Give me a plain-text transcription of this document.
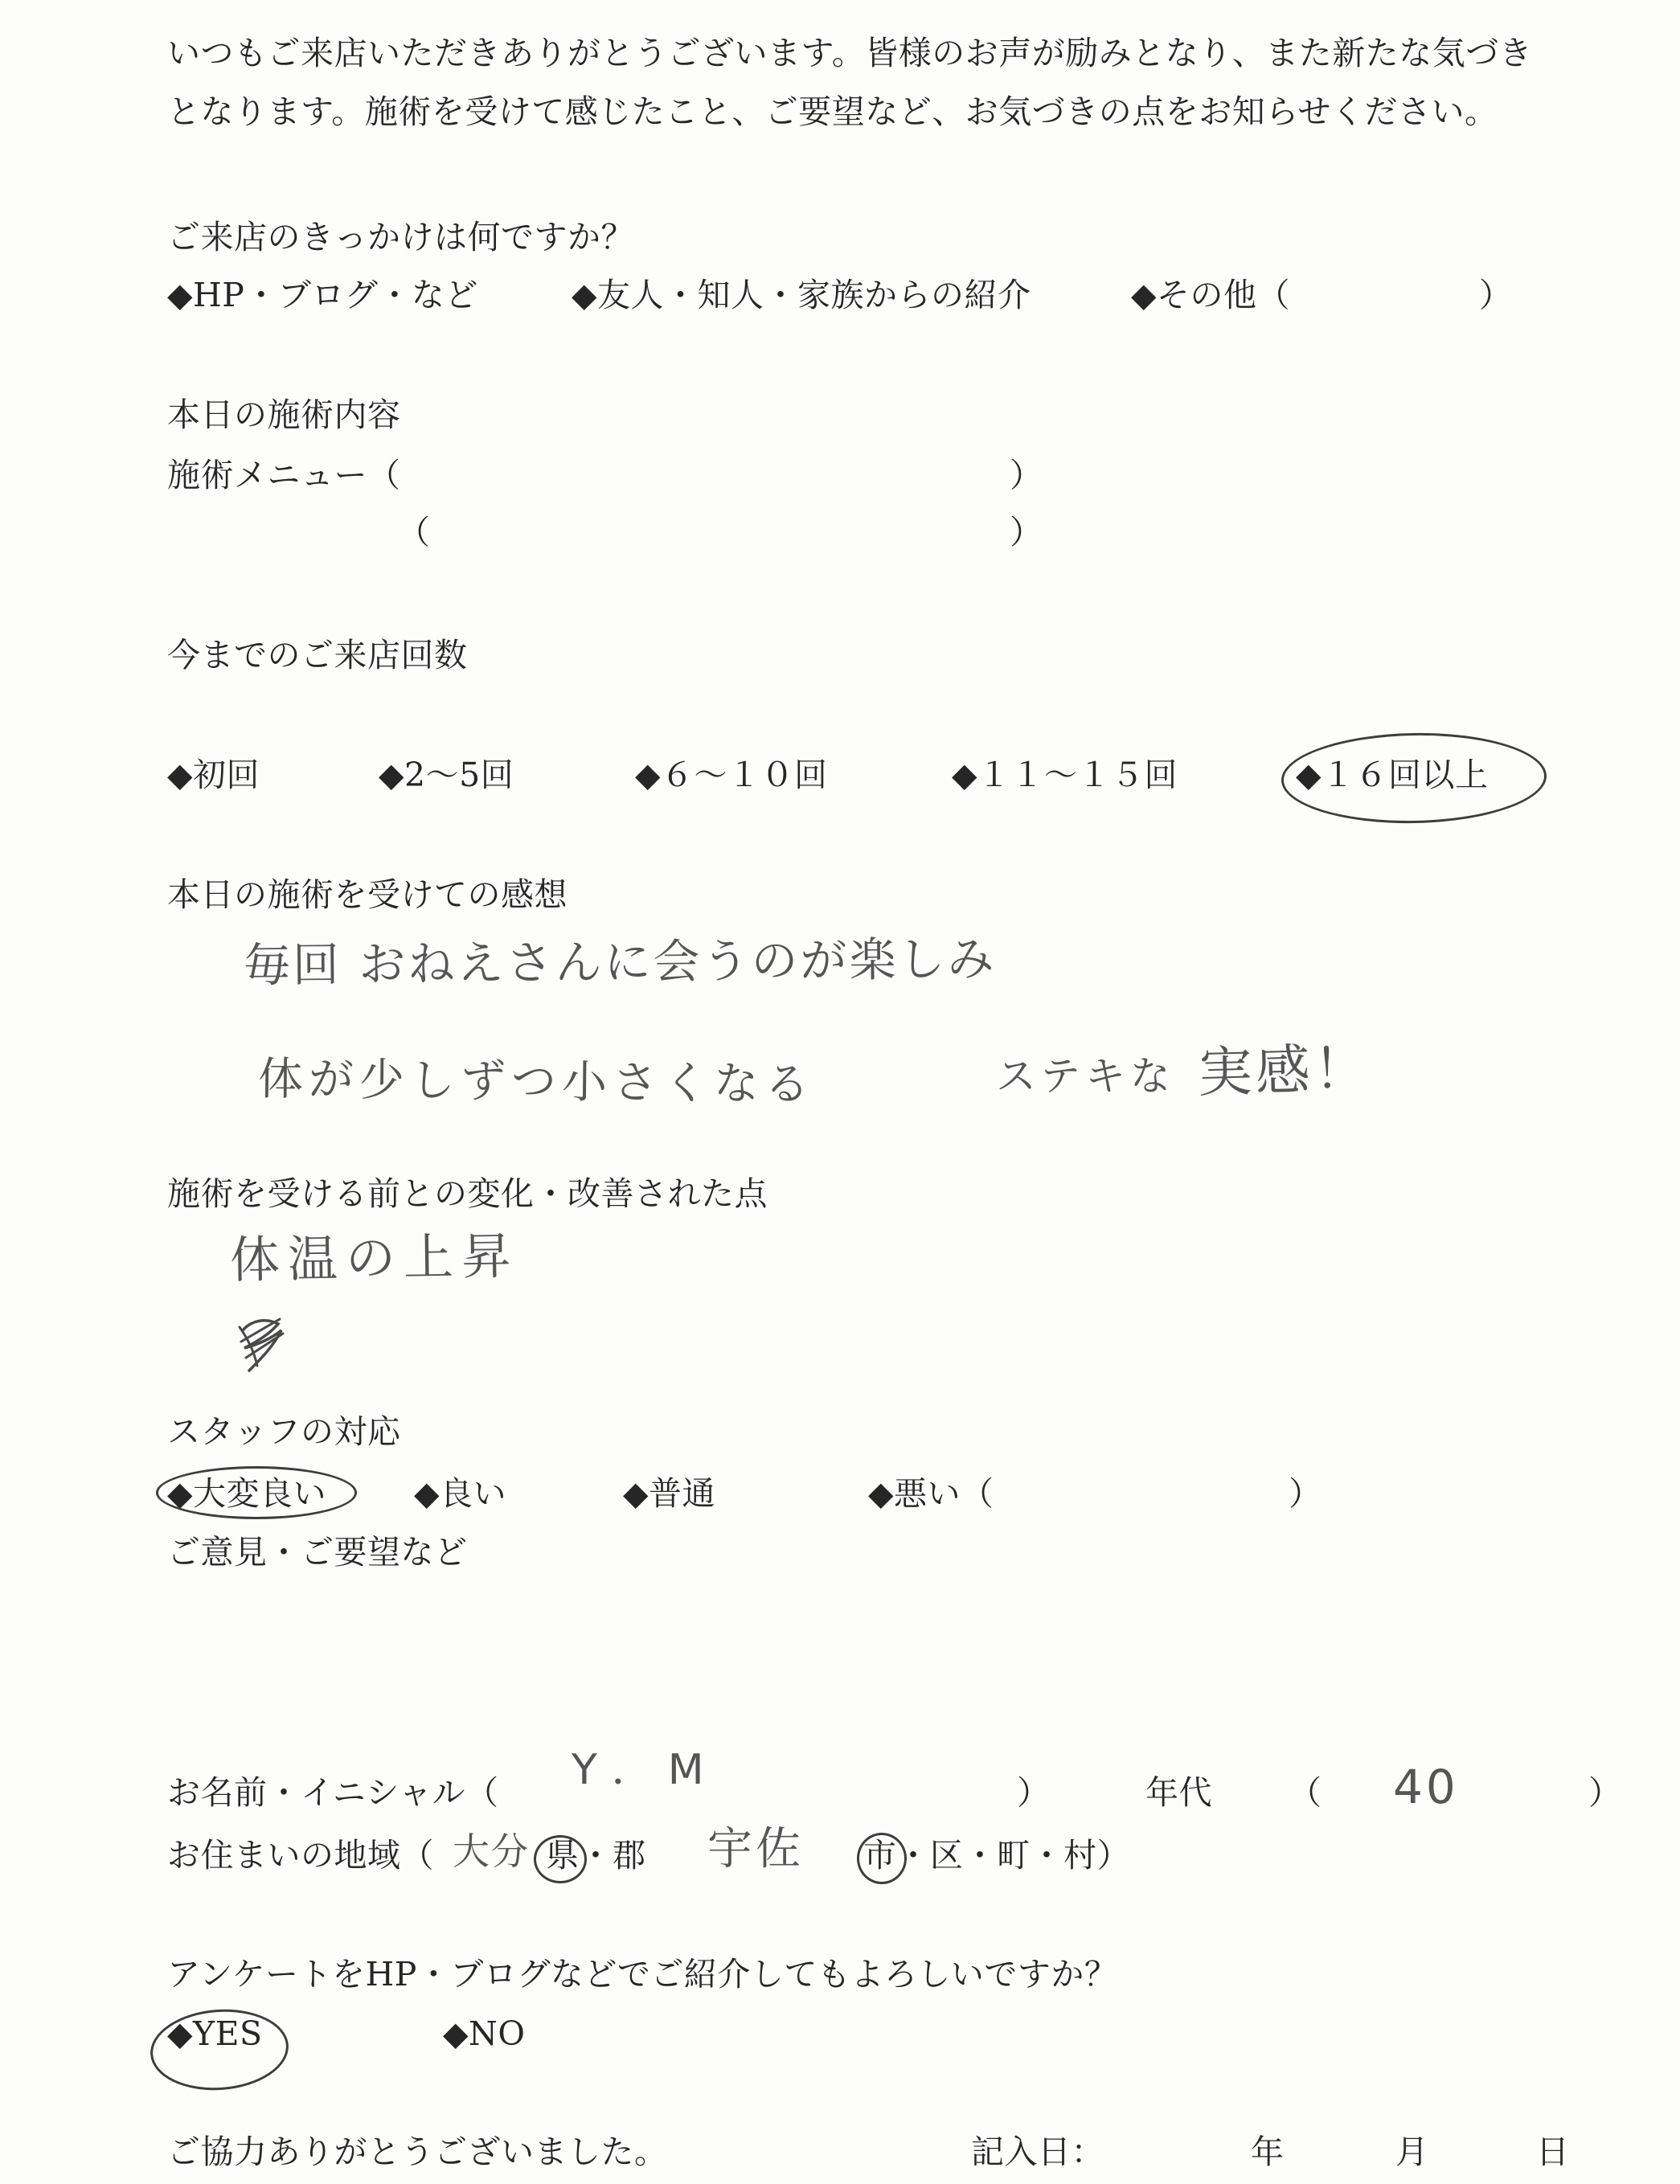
いつもご来店いただきありがとうございます。皆様のお声が励みとなり、また新たな気づき
となります。施術を受けて感じたこと、ご要望など、お気づきの点をお知らせください。
ご来店のきっかけは何ですか？
◆HP・ブログ・など	◆友人・知人・家族からの紹介	◆その他（	）
本日の施術内容
施術メニュー（	）
（	）
今までのご来店回数
◆初回	◆2～5回	◆６～１０回	◆１１～１５回	◆１６回以上
本日の施術を受けての感想
毎回 おねえさんに会うのが楽しみ
体が少しずつ小さくなる	ステキな 実感！
施術を受ける前との変化・改善された点
体温の上昇
スタッフの対応
◆大変良い	◆良い	◆普通	◆悪い（	）
ご意見・ご要望など
お名前・イニシャル（ Y．M	）	年代 （ 40	）
お住まいの地域（ 大分 県・郡 宇佐 市・区・町・村）
アンケートをHP・ブログなどでご紹介してもよろしいですか？
◆YES	◆NO
ご協力ありがとうございました。	記入日：	年	月	日
